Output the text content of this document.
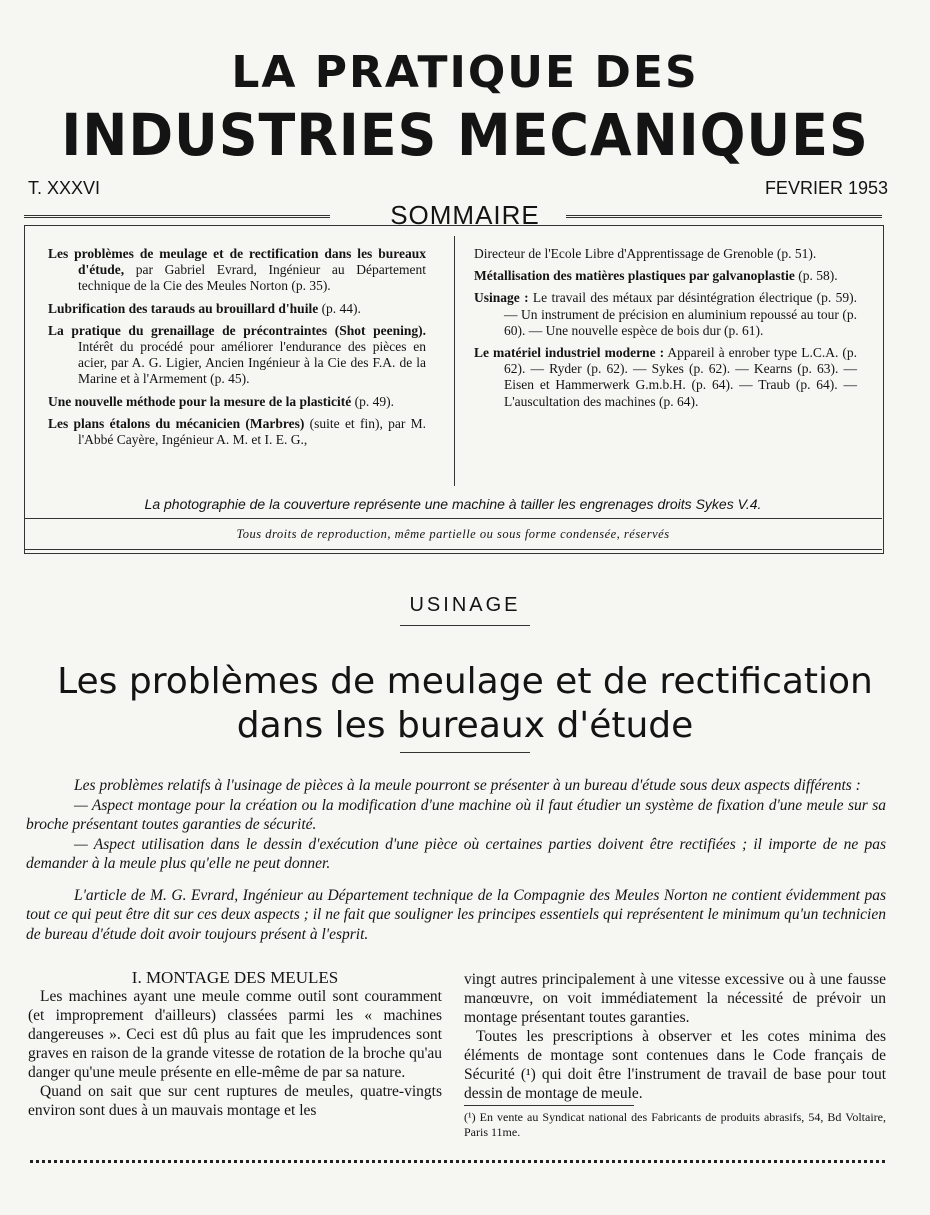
LA PRATIQUE DES
INDUSTRIES MECANIQUES
T. XXXVI	FEVRIER 1953
SOMMAIRE

Les problèmes de meulage et de rectification dans les bureaux d'étude, par Gabriel Evrard, Ingénieur au Département technique de la Cie des Meules Norton (p. 35).

Lubrification des tarauds au brouillard d'huile (p. 44).

La pratique du grenaillage de précontraintes (Shot peening). Intérêt du procédé pour améliorer l'endurance des pièces en acier, par A. G. Ligier, Ancien Ingénieur à la Cie des F.A. de la Marine et à l'Armement (p. 45).

Une nouvelle méthode pour la mesure de la plasticité (p. 49).

Les plans étalons du mécanicien (Marbres) (suite et fin), par M. l'Abbé Cayère, Ingénieur A. M. et I. E. G.,

Directeur de l'Ecole Libre d'Apprentissage de Grenoble (p. 51).

Métallisation des matières plastiques par galvanoplastie (p. 58).

Usinage : Le travail des métaux par désintégration électrique (p. 59). — Un instrument de précision en aluminium repoussé au tour (p. 60). — Une nouvelle espèce de bois dur (p. 61).

Le matériel industriel moderne : Appareil à enrober type L.C.A. (p. 62). — Ryder (p. 62). — Sykes (p. 62). — Kearns (p. 63). — Eisen et Hammerwerk G.m.b.H. (p. 64). — Traub (p. 64). — L'auscultation des machines (p. 64).

La photographie de la couverture représente une machine à tailler les engrenages droits Sykes V.4.
Tous droits de reproduction, même partielle ou sous forme condensée, réservés
USINAGE
Les problèmes de meulage et de rectification
dans les bureaux d'étude

Les problèmes relatifs à l'usinage de pièces à la meule pourront se présenter à un bureau d'étude sous deux aspects différents :

— Aspect montage pour la création ou la modification d'une machine où il faut étudier un système de fixation d'une meule sur sa broche présentant toutes garanties de sécurité.

— Aspect utilisation dans le dessin d'exécution d'une pièce où certaines parties doivent être rectifiées ; il importe de ne pas demander à la meule plus qu'elle ne peut donner.

L'article de M. G. Evrard, Ingénieur au Département technique de la Compagnie des Meules Norton ne contient évidemment pas tout ce qui peut être dit sur ces deux aspects ; il ne fait que souligner les principes essentiels qui représentent le minimum qu'un technicien de bureau d'étude doit avoir toujours présent à l'esprit.

I. MONTAGE DES MEULES

Les machines ayant une meule comme outil sont couramment (et improprement d'ailleurs) classées parmi les « machines dangereuses ». Ceci est dû plus au fait que les imprudences sont graves en raison de la grande vitesse de rotation de la broche qu'au danger qu'une meule présente en elle-même de par sa nature.

Quand on sait que sur cent ruptures de meules, quatre-vingts environ sont dues à un mauvais montage et les

vingt autres principalement à une vitesse excessive ou à une fausse manœuvre, on voit immédiatement la nécessité de prévoir un montage présentant toutes garanties.

Toutes les prescriptions à observer et les cotes minima des éléments de montage sont contenues dans le Code français de Sécurité (¹) qui doit être l'instrument de travail de base pour tout dessin de montage de meule.

(¹) En vente au Syndicat national des Fabricants de produits abrasifs, 54, Bd Voltaire, Paris 11me.
